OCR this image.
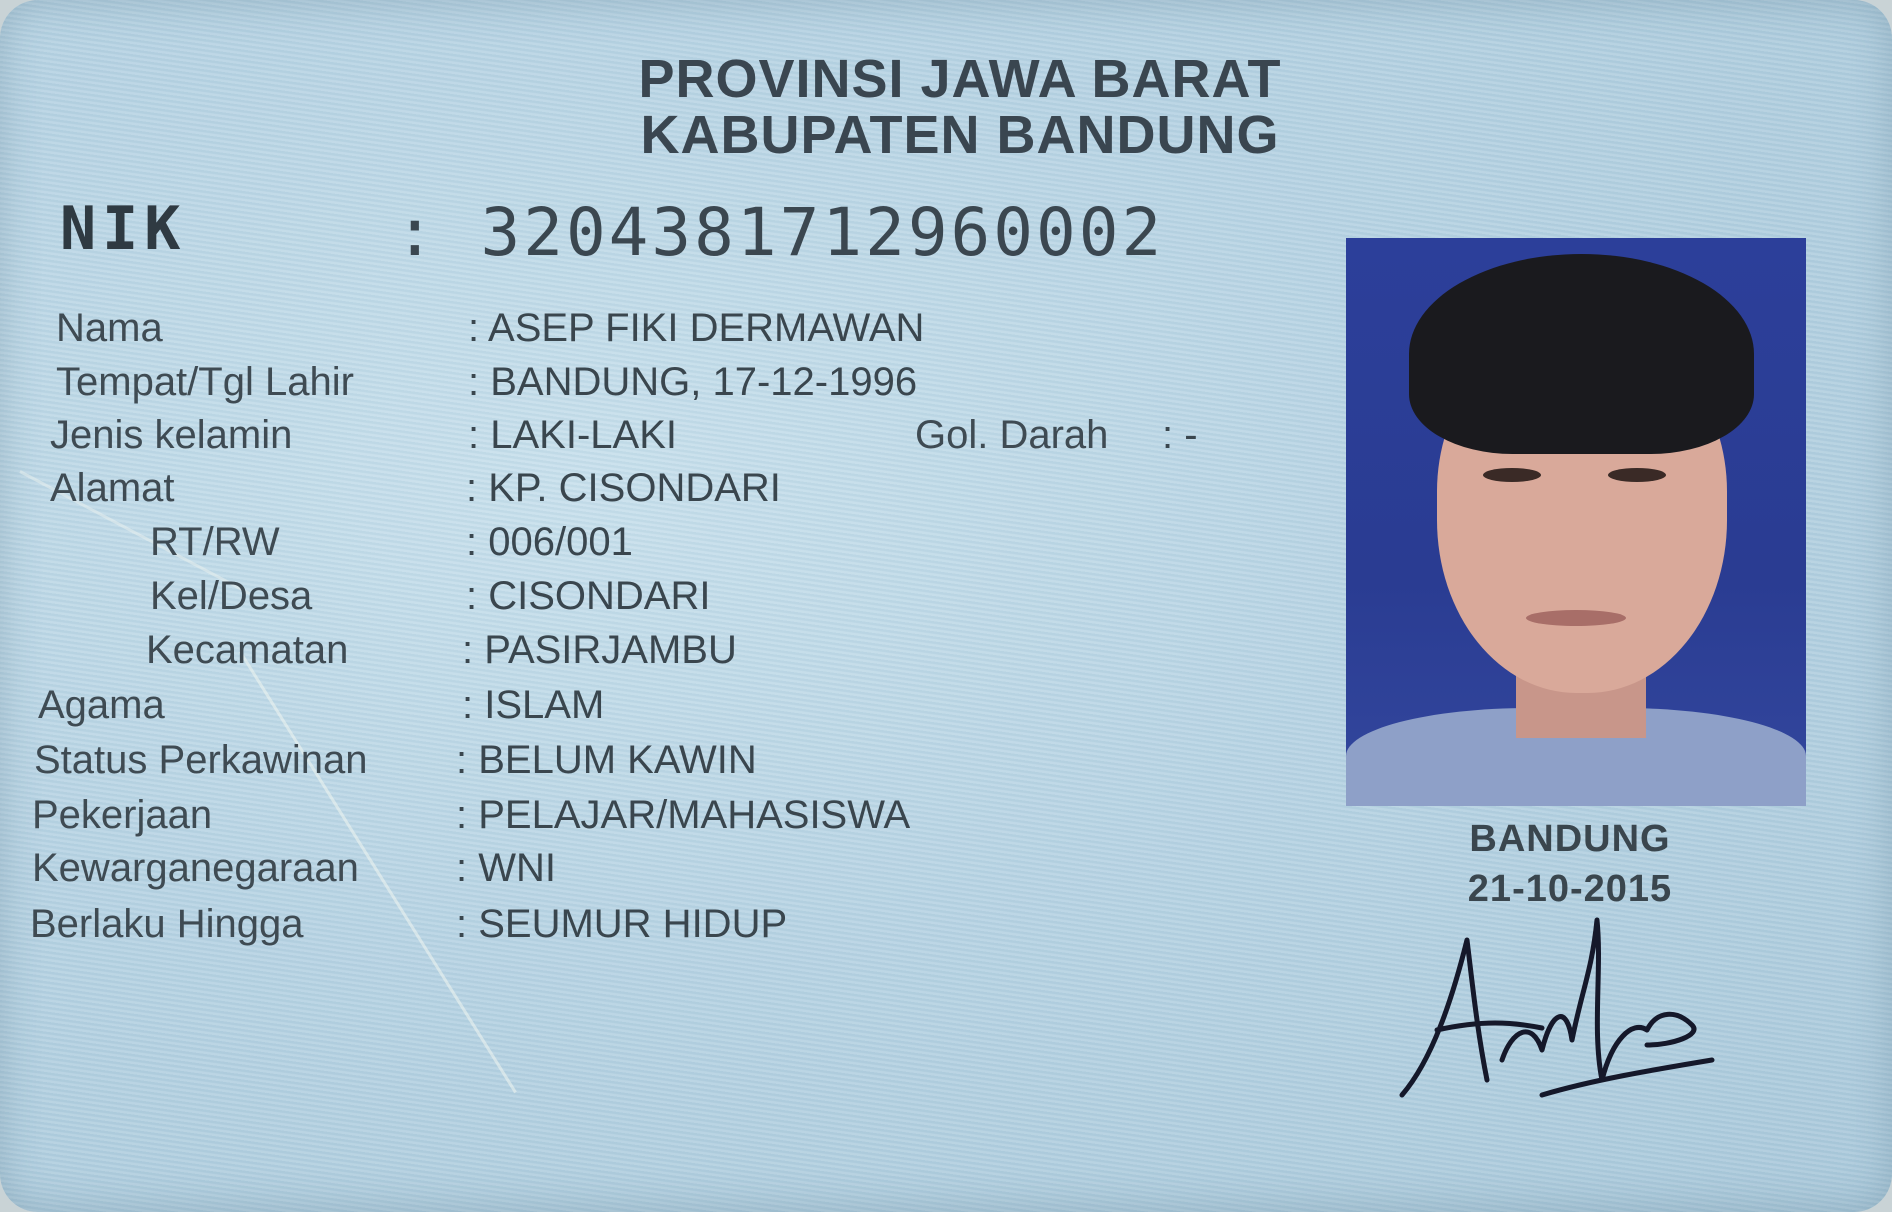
PROVINSI JAWA BARAT
KABUPATEN BANDUNG
NIK	: 3204381712960002
Nama	: ASEP FIKI DERMAWAN
Tempat/Tgl Lahir	: BANDUNG, 17-12-1996
Jenis kelamin	: LAKI-LAKI	Gol. Darah : -
Alamat	: KP. CISONDARI
RT/RW	: 006/001
Kel/Desa	: CISONDARI
Kecamatan	: PASIRJAMBU
Agama	: ISLAM
Status Perkawinan : BELUM KAWIN
Pekerjaan	: PELAJAR/MAHASISWA
Kewarganegaraan : WNI
Berlaku Hingga	: SEUMUR HIDUP
BANDUNG
21-10-2015
